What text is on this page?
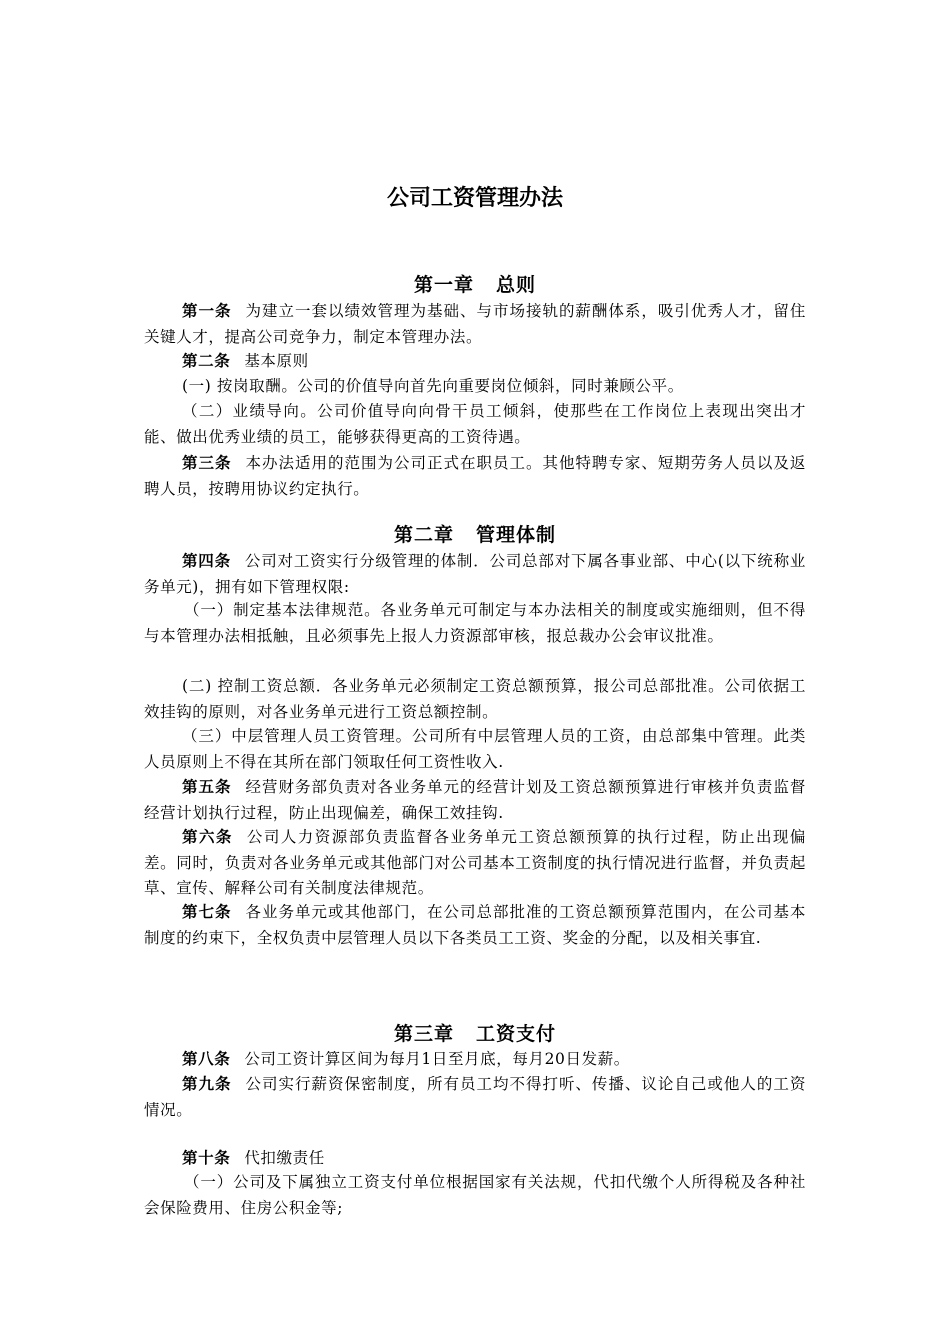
公司工资管理办法
第一章 总则
第一条 为建立一套以绩效管理为基础、与市场接轨的薪酬体系，吸引优秀人才，留住关键人才，提高公司竞争力，制定本管理办法。
第二条 基本原则
(一) 按岗取酬。公司的价值导向首先向重要岗位倾斜，同时兼顾公平。
（二）业绩导向。公司价值导向向骨干员工倾斜，使那些在工作岗位上表现出突出才能、做出优秀业绩的员工，能够获得更高的工资待遇。
第三条 本办法适用的范围为公司正式在职员工。其他特聘专家、短期劳务人员以及返聘人员，按聘用协议约定执行。
第二章 管理体制
第四条 公司对工资实行分级管理的体制．公司总部对下属各事业部、中心(以下统称业务单元)，拥有如下管理权限:
（一）制定基本法律规范。各业务单元可制定与本办法相关的制度或实施细则，但不得与本管理办法相抵触，且必须事先上报人力资源部审核，报总裁办公会审议批准。
(二) 控制工资总额．各业务单元必须制定工资总额预算，报公司总部批准。公司依据工效挂钩的原则，对各业务单元进行工资总额控制。
（三）中层管理人员工资管理。公司所有中层管理人员的工资，由总部集中管理。此类人员原则上不得在其所在部门领取任何工资性收入.
第五条 经营财务部负责对各业务单元的经营计划及工资总额预算进行审核并负责监督经营计划执行过程，防止出现偏差，确保工效挂钩.
第六条 公司人力资源部负责监督各业务单元工资总额预算的执行过程，防止出现偏差。同时，负责对各业务单元或其他部门对公司基本工资制度的执行情况进行监督，并负责起草、宣传、解释公司有关制度法律规范。
第七条 各业务单元或其他部门，在公司总部批准的工资总额预算范围内，在公司基本制度的约束下，全权负责中层管理人员以下各类员工工资、奖金的分配，以及相关事宜.
第三章 工资支付
第八条 公司工资计算区间为每月1日至月底，每月20日发薪。
第九条 公司实行薪资保密制度，所有员工均不得打听、传播、议论自己或他人的工资情况。
第十条 代扣缴责任
（一）公司及下属独立工资支付单位根据国家有关法规，代扣代缴个人所得税及各种社会保险费用、住房公积金等;
